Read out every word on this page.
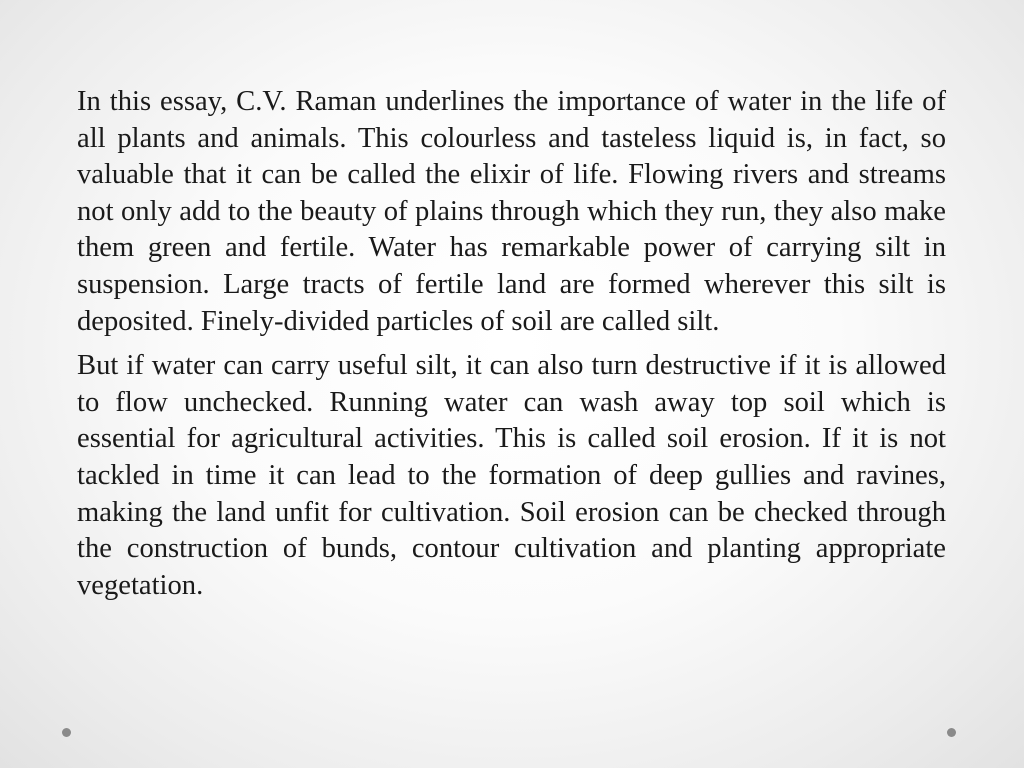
In this essay, C.V. Raman underlines the importance of water in the life of all plants and animals. This colourless and tasteless liquid is, in fact, so valuable that it can be called the elixir of life. Flowing rivers and streams not only add to the beauty of plains through which they run, they also make them green and fertile. Water has remarkable power of carrying silt in suspension. Large tracts of fertile land are formed wherever this silt is deposited. Finely-divided particles of soil are called silt.

But if water can carry useful silt, it can also turn destructive if it is allowed to flow unchecked. Running water can wash away top soil which is essential for agricultural activities. This is called soil erosion. If it is not tackled in time it can lead to the formation of deep gullies and ravines, making the land unfit for cultivation. Soil erosion can be checked through the construction of bunds, contour cultivation and planting appropriate vegetation.
